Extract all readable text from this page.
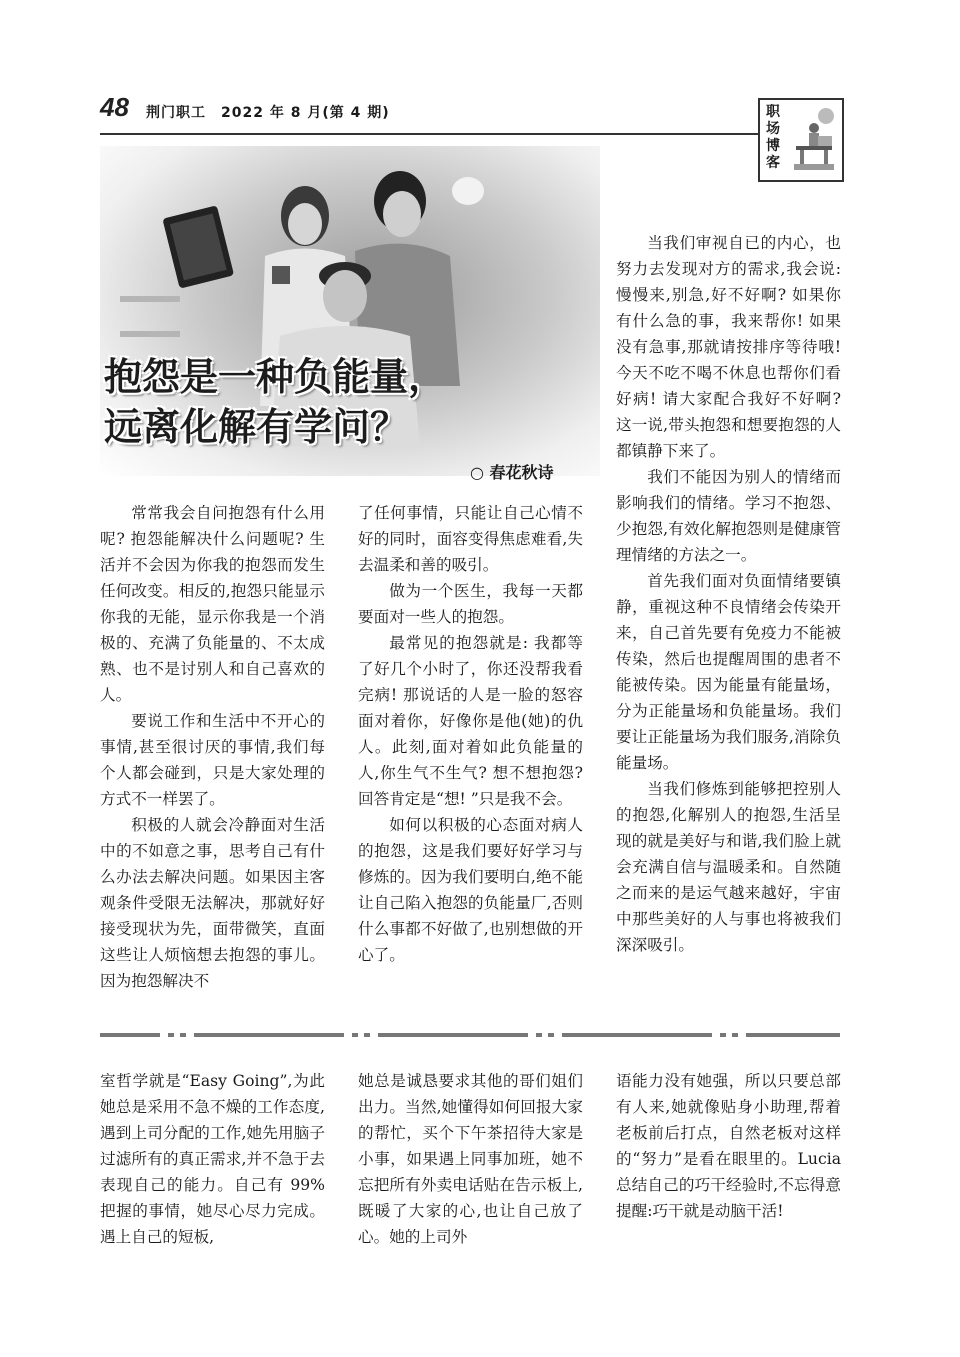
48 荆门职工　2022 年 8 月(第 4 期)	职场博客
抱怨是一种负能量，
远离化解有学问？
○ 春花秋诗

常常我会自问抱怨有什么用呢? 抱怨能解决什么问题呢? 生活并不会因为你我的抱怨而发生任何改变。相反的,抱怨只能显示你我的无能，显示你我是一个消极的、充满了负能量的、不太成熟、也不是讨别人和自己喜欢的人。

要说工作和生活中不开心的事情,甚至很讨厌的事情,我们每个人都会碰到，只是大家处理的方式不一样罢了。

积极的人就会冷静面对生活中的不如意之事，思考自己有什么办法去解决问题。如果因主客观条件受限无法解决，那就好好接受现状为先，面带微笑，直面这些让人烦恼想去抱怨的事儿。因为抱怨解决不

了任何事情，只能让自己心情不好的同时，面容变得焦虑难看,失去温柔和善的吸引。

做为一个医生，我每一天都要面对一些人的抱怨。

最常见的抱怨就是: 我都等了好几个小时了，你还没帮我看完病! 那说话的人是一脸的怒容面对着你，好像你是他(她)的仇人。此刻,面对着如此负能量的人,你生气不生气? 想不想抱怨? 回答肯定是“想! ”只是我不会。

如何以积极的心态面对病人的抱怨，这是我们要好好学习与修炼的。因为我们要明白,绝不能让自己陷入抱怨的负能量厂,否则什么事都不好做了,也别想做的开心了。

当我们审视自已的内心，也努力去发现对方的需求,我会说:慢慢来,别急,好不好啊? 如果你有什么急的事，我来帮你! 如果没有急事,那就请按排序等待哦! 今天不吃不喝不休息也帮你们看好病! 请大家配合我好不好啊? 这一说,带头抱怨和想要抱怨的人都镇静下来了。

我们不能因为别人的情绪而影响我们的情绪。学习不抱怨、少抱怨,有效化解抱怨则是健康管理情绪的方法之一。

首先我们面对负面情绪要镇静，重视这种不良情绪会传染开来，自己首先要有免疫力不能被传染，然后也提醒周围的患者不能被传染。因为能量有能量场，分为正能量场和负能量场。我们要让正能量场为我们服务,消除负能量场。

当我们修炼到能够把控别人的抱怨,化解别人的抱怨,生活呈现的就是美好与和谐,我们脸上就会充满自信与温暖柔和。自然随之而来的是运气越来越好，宇宙中那些美好的人与事也将被我们深深吸引。

室哲学就是“Easy Going”,为此她总是采用不急不燥的工作态度,遇到上司分配的工作,她先用脑子过滤所有的真正需求,并不急于去表现自己的能力。自己有 99%把握的事情，她尽心尽力完成。遇上自己的短板,

她总是诚恳要求其他的哥们姐们出力。当然,她懂得如何回报大家的帮忙，买个下午茶招待大家是小事，如果遇上同事加班，她不忘把所有外卖电话贴在告示板上,既暖了大家的心,也让自己放了心。她的上司外

语能力没有她强，所以只要总部有人来,她就像贴身小助理,帮着老板前后打点，自然老板对这样的“努力”是看在眼里的。Lucia 总结自己的巧干经验时,不忘得意提醒:巧干就是动脑干活!
